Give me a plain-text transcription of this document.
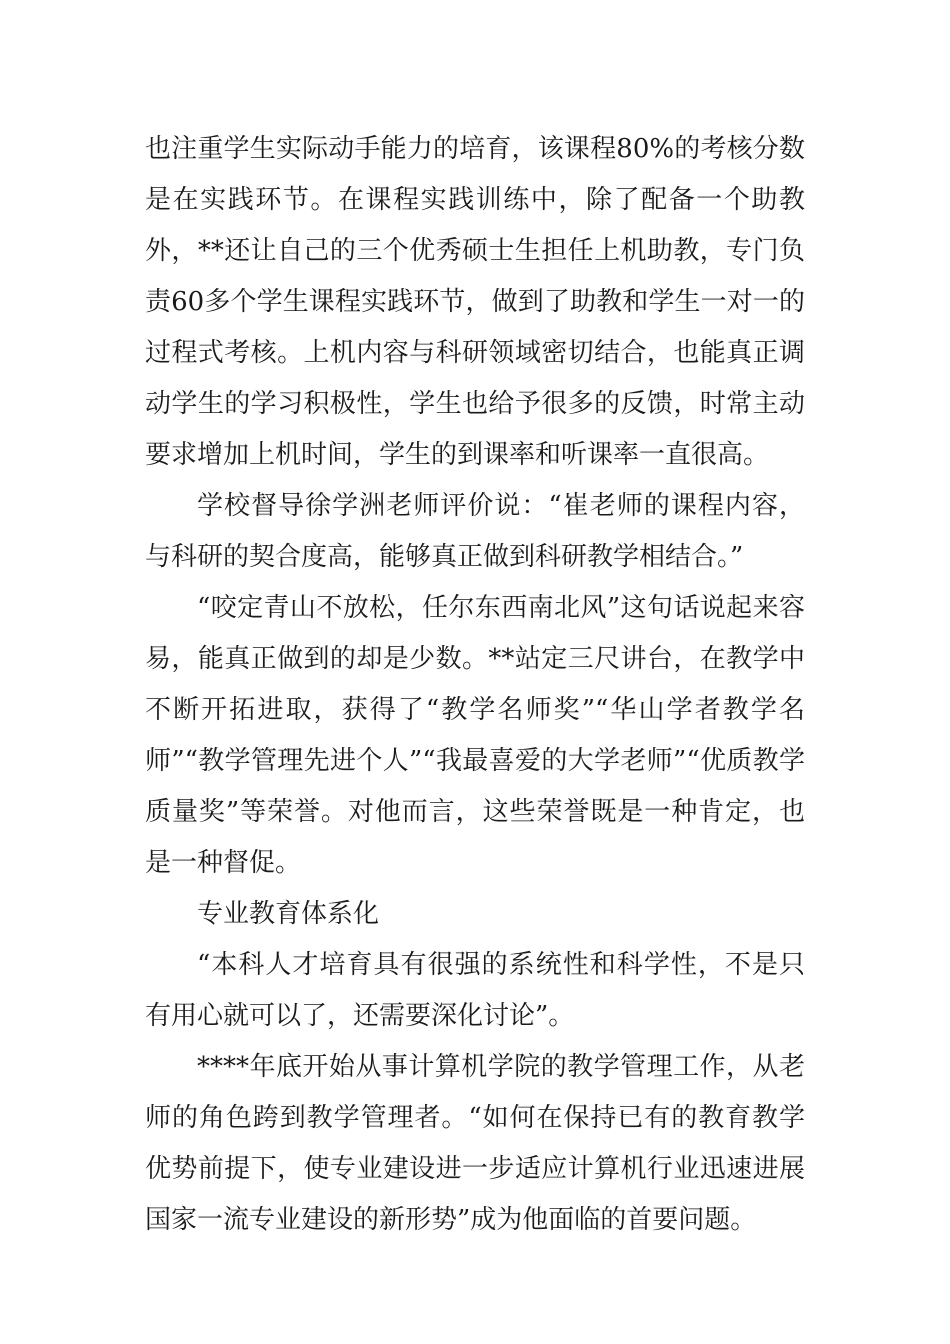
也注重学生实际动手能力的培育，该课程80%的考核分数是在实践环节。在课程实践训练中，除了配备一个助教外，**还让自己的三个优秀硕士生担任上机助教，专门负责60多个学生课程实践环节，做到了助教和学生一对一的过程式考核。上机内容与科研领域密切结合，也能真正调动学生的学习积极性，学生也给予很多的反馈，时常主动要求增加上机时间，学生的到课率和听课率一直很高。

学校督导徐学洲老师评价说：“崔老师的课程内容，与科研的契合度高，能够真正做到科研教学相结合。”

“咬定青山不放松，任尔东西南北风”这句话说起来容易，能真正做到的却是少数。**站定三尺讲台，在教学中不断开拓进取，获得了“教学名师奖”“华山学者教学名师”“教学管理先进个人”“我最喜爱的大学老师”“优质教学质量奖”等荣誉。对他而言，这些荣誉既是一种肯定，也是一种督促。

专业教育体系化

“本科人才培育具有很强的系统性和科学性，不是只有用心就可以了，还需要深化讨论”。

****年底开始从事计算机学院的教学管理工作，从老师的角色跨到教学管理者。“如何在保持已有的教育教学优势前提下，使专业建设进一步适应计算机行业迅速进展国家一流专业建设的新形势”成为他面临的首要问题。
